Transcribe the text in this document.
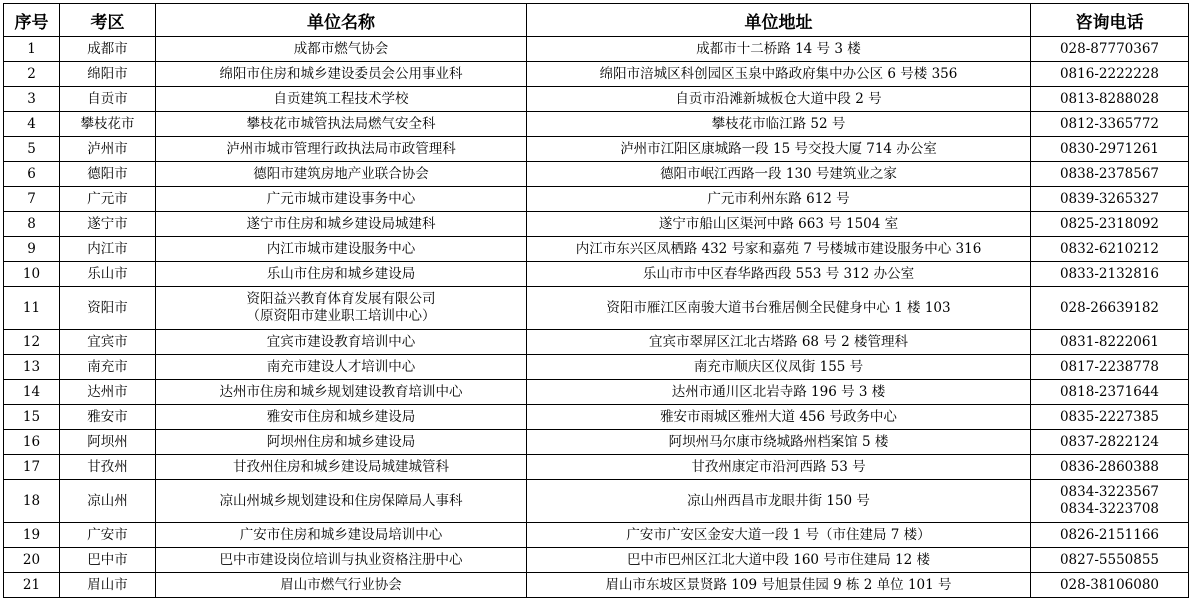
序号	考区	单位名称	单位地址	咨询电话
1	成都市	成都市燃气协会	成都市十二桥路 14 号 3 楼	028-87770367

2	绵阳市	绵阳市住房和城乡建设委员会公用事业科	绵阳市涪城区科创园区玉泉中路政府集中办公区 6 号楼 356	0816-2222228

3	自贡市	自贡建筑工程技术学校	自贡市沿滩新城板仓大道中段 2 号	0813-8288028

4	攀枝花市	攀枝花市城管执法局燃气安全科	攀枝花市临江路 52 号	0812-3365772

5	泸州市	泸州市城市管理行政执法局市政管理科	泸州市江阳区康城路一段 15 号交投大厦 714 办公室	0830-2971261

6	德阳市	德阳市建筑房地产业联合协会	德阳市岷江西路一段 130 号建筑业之家	0838-2378567

7	广元市	广元市城市建设事务中心	广元市利州东路 612 号	0839-3265327

8	遂宁市	遂宁市住房和城乡建设局城建科	遂宁市船山区渠河中路 663 号 1504 室	0825-2318092

9	内江市	内江市城市建设服务中心	内江市东兴区凤栖路 432 号家和嘉苑 7 号楼城市建设服务中心 316	0832-6210212

10	乐山市	乐山市住房和城乡建设局	乐山市市中区春华路西段 553 号 312 办公室	0833-2132816

11	资阳市	资阳益兴教育体育发展有限公司
（原资阳市建业职工培训中心）	资阳市雁江区南骏大道书台雅居侧全民健身中心 1 楼 103	028-26639182

12	宜宾市	宜宾市建设教育培训中心	宜宾市翠屏区江北古塔路 68 号 2 楼管理科	0831-8222061

13	南充市	南充市建设人才培训中心	南充市顺庆区仪凤街 155 号	0817-2238778

14	达州市	达州市住房和城乡规划建设教育培训中心	达州市通川区北岩寺路 196 号 3 楼	0818-2371644

15	雅安市	雅安市住房和城乡建设局	雅安市雨城区雅州大道 456 号政务中心	0835-2227385

16	阿坝州	阿坝州住房和城乡建设局	阿坝州马尔康市绕城路州档案馆 5 楼	0837-2822124

17	甘孜州	甘孜州住房和城乡建设局城建城管科	甘孜州康定市沿河西路 53 号	0836-2860388

18	凉山州	凉山州城乡规划建设和住房保障局人事科	凉山州西昌市龙眼井街 150 号	0834-3223567
0834-3223708

19	广安市	广安市住房和城乡建设局培训中心	广安市广安区金安大道一段 1 号（市住建局 7 楼）	0826-2151166

20	巴中市	巴中市建设岗位培训与执业资格注册中心	巴中市巴州区江北大道中段 160 号市住建局 12 楼	0827-5550855

21	眉山市	眉山市燃气行业协会	眉山市东坡区景贤路 109 号旭景佳园 9 栋 2 单位 101 号	028-38106080
